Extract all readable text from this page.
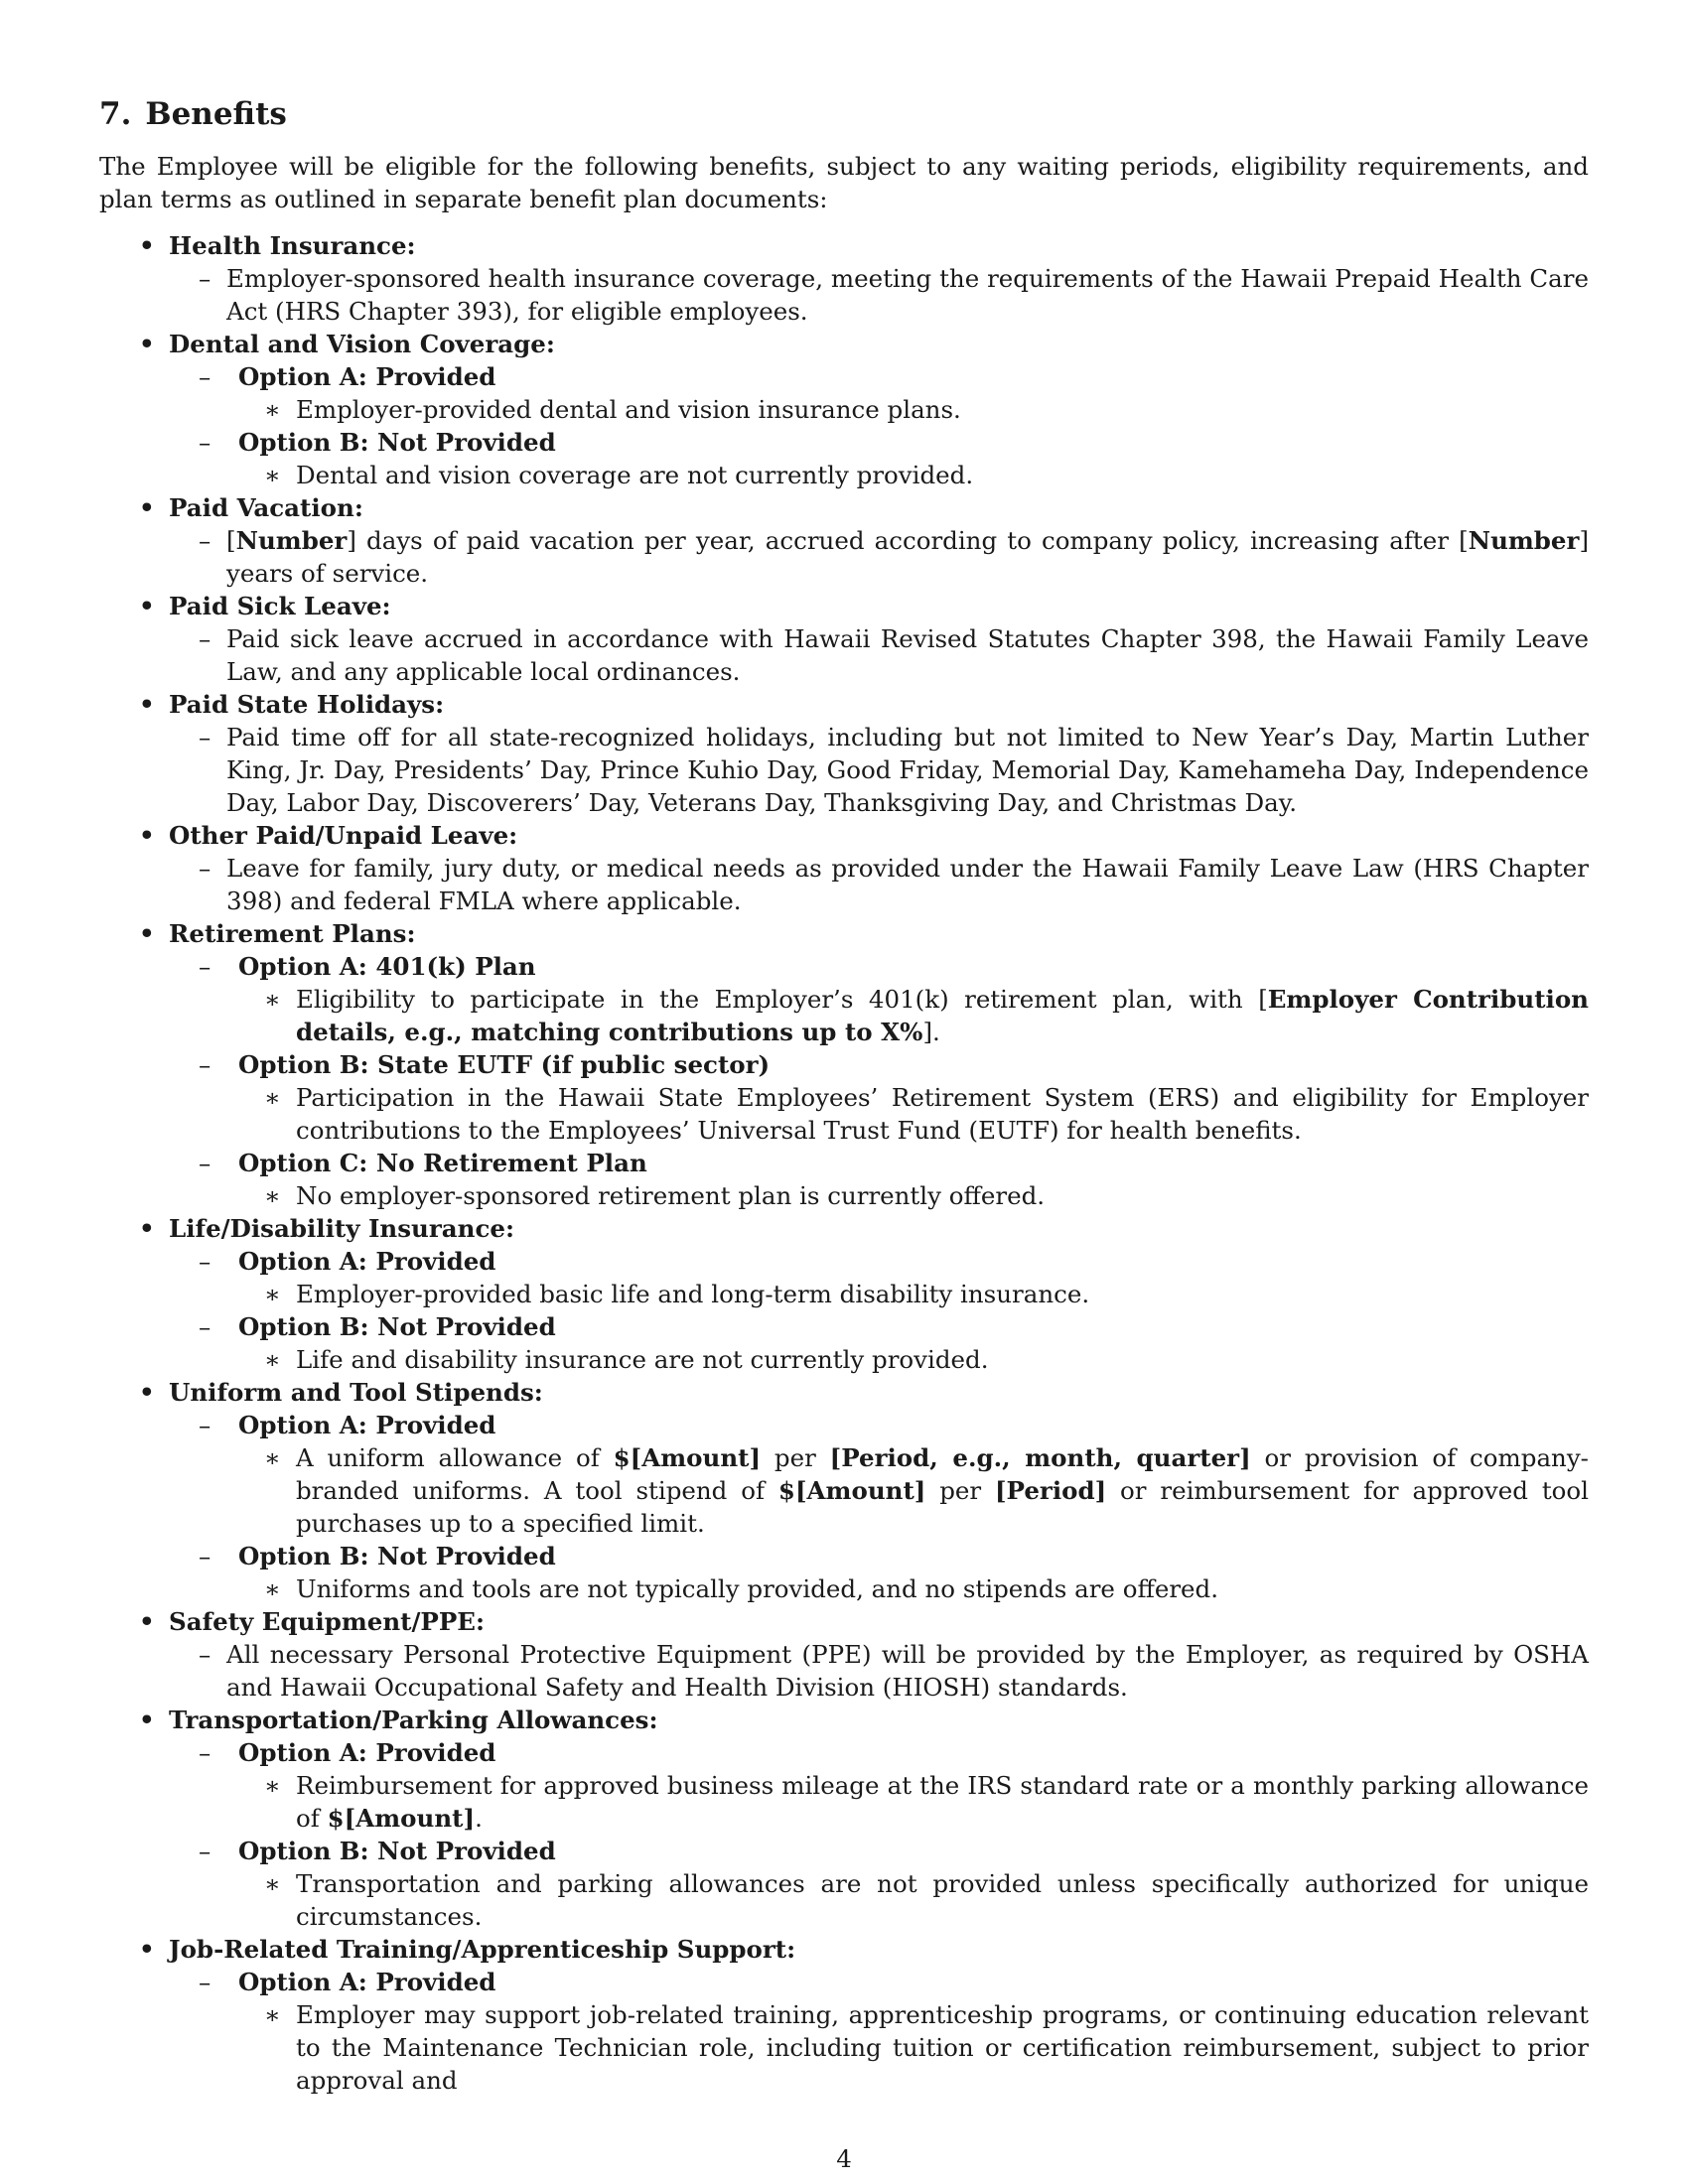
7. Benefits

The Employee will be eligible for the following benefits, subject to any waiting periods, eligibility requirements, and plan terms as outlined in separate benefit plan documents:

• Health Insurance:
– Employer-sponsored health insurance coverage, meeting the requirements of the Hawaii Prepaid Health Care Act (HRS Chapter 393), for eligible employees.
• Dental and Vision Coverage:
– Option A: Provided
∗ Employer-provided dental and vision insurance plans.
– Option B: Not Provided
∗ Dental and vision coverage are not currently provided.
• Paid Vacation:
– [Number] days of paid vacation per year, accrued according to company policy, increasing after [Number] years of service.
• Paid Sick Leave:
– Paid sick leave accrued in accordance with Hawaii Revised Statutes Chapter 398, the Hawaii Family Leave Law, and any applicable local ordinances.
• Paid State Holidays:
– Paid time off for all state-recognized holidays, including but not limited to New Year’s Day, Martin Luther King, Jr. Day, Presidents’ Day, Prince Kuhio Day, Good Friday, Memorial Day, Kamehameha Day, Independence Day, Labor Day, Discoverers’ Day, Veterans Day, Thanksgiving Day, and Christmas Day.
• Other Paid/Unpaid Leave:
– Leave for family, jury duty, or medical needs as provided under the Hawaii Family Leave Law (HRS Chapter 398) and federal FMLA where applicable.
• Retirement Plans:
– Option A: 401(k) Plan
∗ Eligibility to participate in the Employer’s 401(k) retirement plan, with [Employer Contribution details, e.g., matching contributions up to X%].
– Option B: State EUTF (if public sector)
∗ Participation in the Hawaii State Employees’ Retirement System (ERS) and eligibility for Employer contributions to the Employees’ Universal Trust Fund (EUTF) for health benefits.
– Option C: No Retirement Plan
∗ No employer-sponsored retirement plan is currently offered.
• Life/Disability Insurance:
– Option A: Provided
∗ Employer-provided basic life and long-term disability insurance.
– Option B: Not Provided
∗ Life and disability insurance are not currently provided.
• Uniform and Tool Stipends:
– Option A: Provided
∗ A uniform allowance of $[Amount] per [Period, e.g., month, quarter] or provision of company-branded uniforms. A tool stipend of $[Amount] per [Period] or reimbursement for approved tool purchases up to a specified limit.
– Option B: Not Provided
∗ Uniforms and tools are not typically provided, and no stipends are offered.
• Safety Equipment/PPE:
– All necessary Personal Protective Equipment (PPE) will be provided by the Employer, as required by OSHA and Hawaii Occupational Safety and Health Division (HIOSH) standards.
• Transportation/Parking Allowances:
– Option A: Provided
∗ Reimbursement for approved business mileage at the IRS standard rate or a monthly parking allowance of $[Amount].
– Option B: Not Provided
∗ Transportation and parking allowances are not provided unless specifically authorized for unique circumstances.
• Job-Related Training/Apprenticeship Support:
– Option A: Provided
∗ Employer may support job-related training, apprenticeship programs, or continuing education relevant to the Maintenance Technician role, including tuition or certification reimbursement, subject to prior approval and
4
